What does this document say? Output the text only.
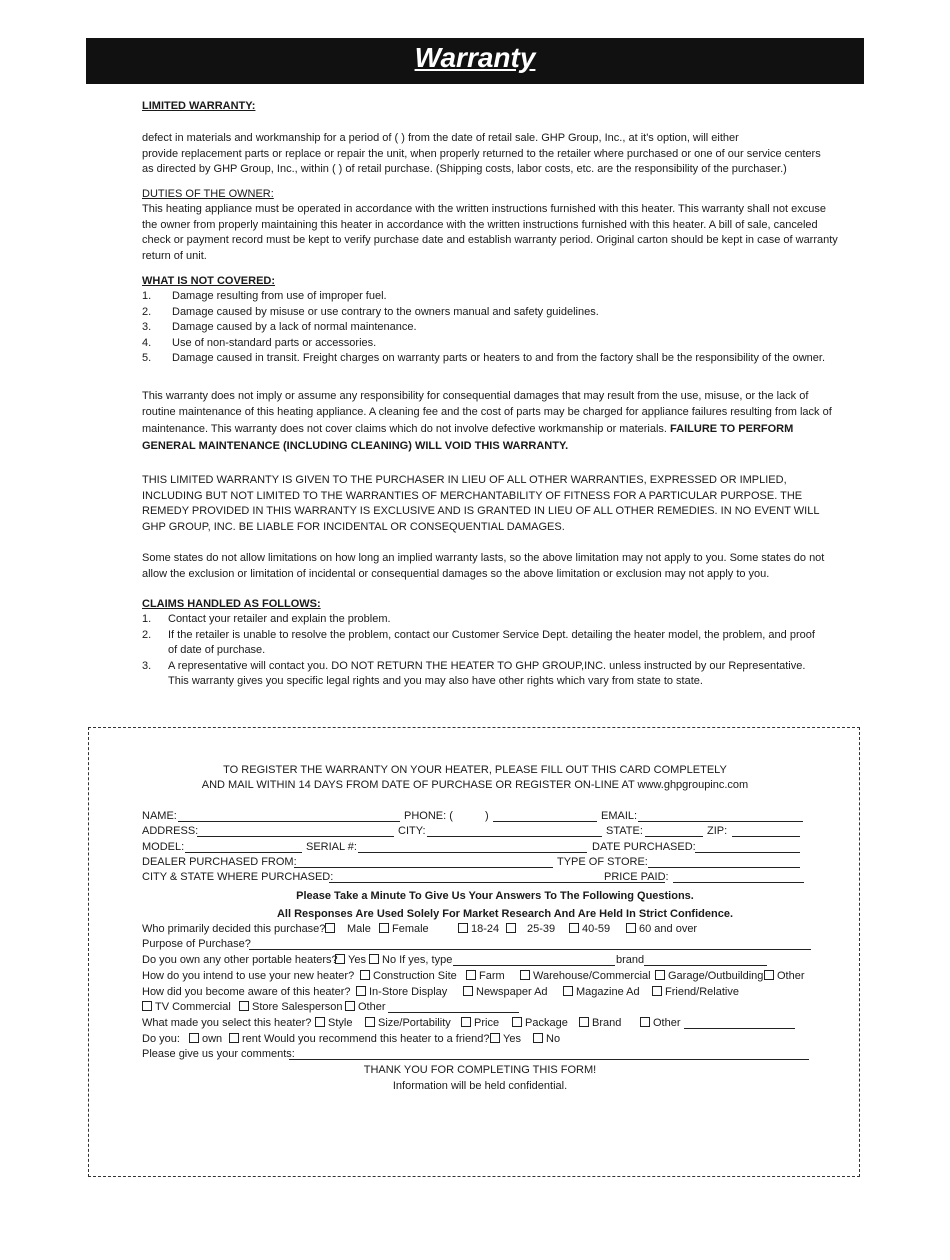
Warranty
LIMITED WARRANTY:
defect in materials and workmanship for a period of ( ) from the date of retail sale. GHP Group, Inc., at it's option, will either
provide replacement parts or replace or repair the unit, when properly returned to the retailer where purchased or one of our service centers
as directed by GHP Group, Inc., within ( ) of retail purchase. (Shipping costs, labor costs, etc. are the responsibility of the purchaser.)
DUTIES OF THE OWNER:
This heating appliance must be operated in accordance with the written instructions furnished with this heater. This warranty shall not excuse
the owner from properly maintaining this heater in accordance with the written instructions furnished with this heater. A bill of sale, canceled
check or payment record must be kept to verify purchase date and establish warranty period. Original carton should be kept in case of warranty
return of unit.
WHAT IS NOT COVERED:
1. Damage resulting from use of improper fuel.
2. Damage caused by misuse or use contrary to the owners manual and safety guidelines.
3. Damage caused by a lack of normal maintenance.
4. Use of non-standard parts or accessories.
5. Damage caused in transit. Freight charges on warranty parts or heaters to and from the factory shall be the responsibility of the owner.
This warranty does not imply or assume any responsibility for consequential damages that may result from the use, misuse, or the lack of
routine maintenance of this heating appliance. A cleaning fee and the cost of parts may be charged for appliance failures resulting from lack of
maintenance. This warranty does not cover claims which do not involve defective workmanship or materials. FAILURE TO PERFORM
GENERAL MAINTENANCE (INCLUDING CLEANING) WILL VOID THIS WARRANTY.
THIS LIMITED WARRANTY IS GIVEN TO THE PURCHASER IN LIEU OF ALL OTHER WARRANTIES, EXPRESSED OR IMPLIED,
INCLUDING BUT NOT LIMITED TO THE WARRANTIES OF MERCHANTABILITY OF FITNESS FOR A PARTICULAR PURPOSE. THE
REMEDY PROVIDED IN THIS WARRANTY IS EXCLUSIVE AND IS GRANTED IN LIEU OF ALL OTHER REMEDIES. IN NO EVENT WILL
GHP GROUP, INC. BE LIABLE FOR INCIDENTAL OR CONSEQUENTIAL DAMAGES.
Some states do not allow limitations on how long an implied warranty lasts, so the above limitation may not apply to you. Some states do not
allow the exclusion or limitation of incidental or consequential damages so the above limitation or exclusion may not apply to you.
CLAIMS HANDLED AS FOLLOWS:
1. Contact your retailer and explain the problem.
2. If the retailer is unable to resolve the problem, contact our Customer Service Dept. detailing the heater model, the problem, and proof
of date of purchase.
3. A representative will contact you. DO NOT RETURN THE HEATER TO GHP GROUP,INC. unless instructed by our Representative.
This warranty gives you specific legal rights and you may also have other rights which vary from state to state.
TO REGISTER THE WARRANTY ON YOUR HEATER, PLEASE FILL OUT THIS CARD COMPLETELY
AND MAIL WITHIN 14 DAYS FROM DATE OF PURCHASE OR REGISTER ON-LINE AT www.ghpgroupinc.com
NAME:	PHONE: (	)	EMAIL:
ADDRESS:	CITY:	STATE:	ZIP:
MODEL:	SERIAL #:	DATE PURCHASED:
DEALER PURCHASED FROM:	TYPE OF STORE:
CITY & STATE WHERE PURCHASED:	PRICE PAID:
Please Take a Minute To Give Us Your Answers To The Following Questions.
All Responses Are Used Solely For Market Research And Are Held In Strict Confidence.
Who primarily decided this purchase?	Male	Female	18-24	25-39	40-59	60 and over
Purpose of Purchase?
Do you own any other portable heaters? Yes	No If yes, type	brand
How do you intend to use your new heater?	Construction Site	Farm	Warehouse/Commercial	Garage/Outbuilding	Other
How did you become aware of this heater?	In-Store Display	Newspaper Ad	Magazine Ad	Friend/Relative
TV Commercial	Store Salesperson	Other
What made you select this heater?	Style	Size/Portability	Price	Package	Brand	Other
Do you:	own	rent Would you recommend this heater to a friend?	Yes	No
Please give us your comments:
THANK YOU FOR COMPLETING THIS FORM!
Information will be held confidential.
